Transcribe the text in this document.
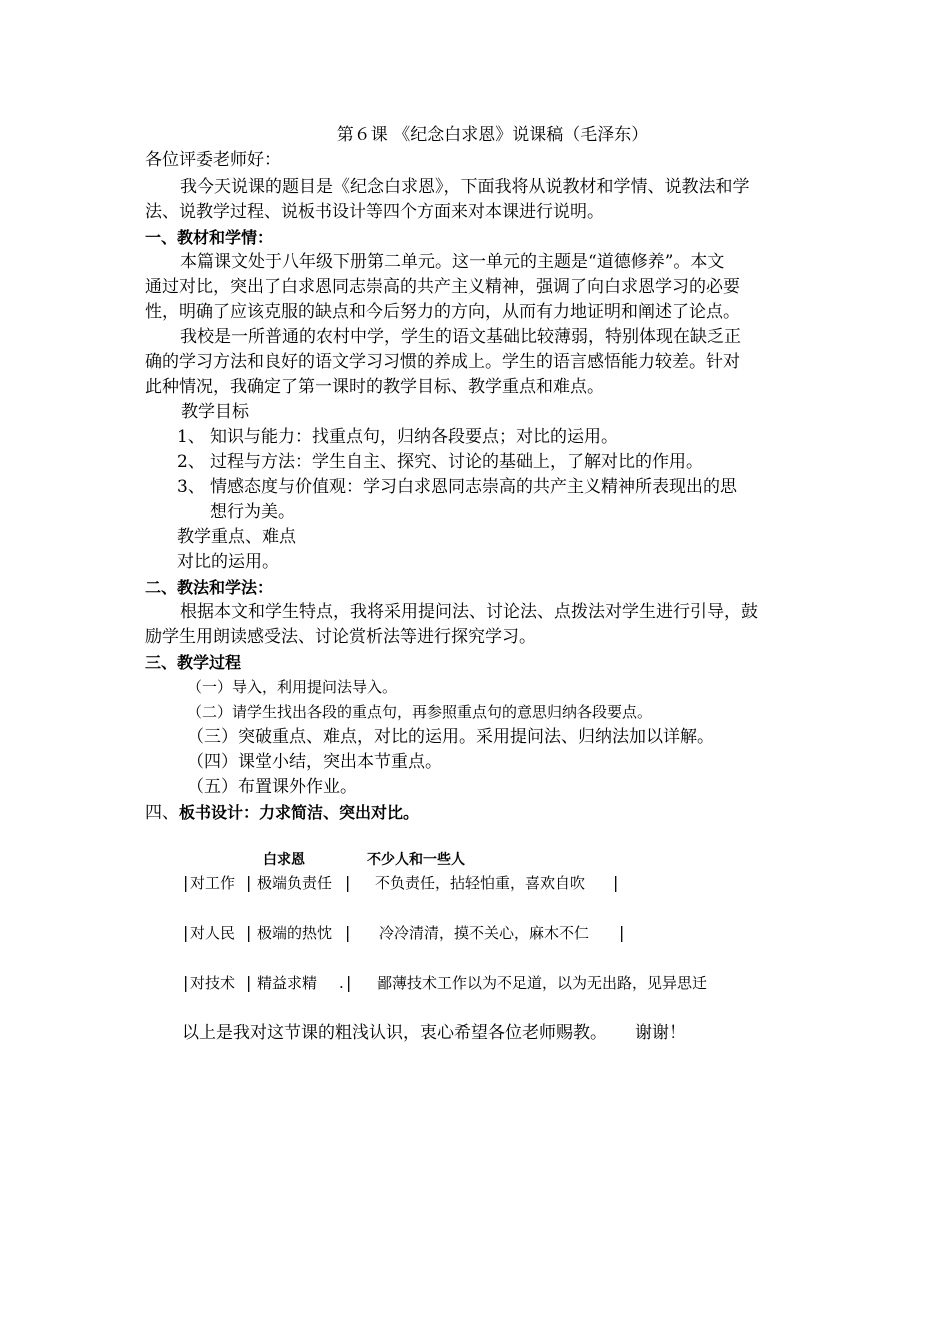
第６课 《纪念白求恩》说课稿（毛泽东）
各位评委老师好：
我今天说课的题目是《纪念白求恩》，下面我将从说教材和学情、说教法和学
法、说教学过程、说板书设计等四个方面来对本课进行说明。
一、教材和学情：
本篇课文处于八年级下册第二单元。这一单元的主题是“道德修养”。本文
通过对比，突出了白求恩同志崇高的共产主义精神，强调了向白求恩学习的必要
性，明确了应该克服的缺点和今后努力的方向，从而有力地证明和阐述了论点。
我校是一所普通的农村中学，学生的语文基础比较薄弱，特别体现在缺乏正
确的学习方法和良好的语文学习习惯的养成上。学生的语言感悟能力较差。针对
此种情况，我确定了第一课时的教学目标、教学重点和难点。
教学目标
1、 知识与能力：找重点句，归纳各段要点；对比的运用。
2、 过程与方法：学生自主、探究、讨论的基础上，了解对比的作用。
3、 情感态度与价值观：学习白求恩同志崇高的共产主义精神所表现出的思
想行为美。
教学重点、难点
对比的运用。
二、教法和学法：
根据本文和学生特点，我将采用提问法、讨论法、点拨法对学生进行引导，鼓
励学生用朗读感受法、讨论赏析法等进行探究学习。
三、教学过程
（一）导入，利用提问法导入。
（二）请学生找出各段的重点句，再参照重点句的意思归纳各段要点。
（三）突破重点、难点，对比的运用。采用提问法、归纳法加以详解。
（四）课堂小结，突出本节重点。
（五）布置课外作业。
四、板书设计：力求简洁、突出对比。
白求恩	不少人和一些人
| 对工作 | 极端负责任 | 不负责任，拈轻怕重，喜欢自吹 |
| 对人民 | 极端的热忱 | 冷冷清清，摸不关心，麻木不仁 |
| 对技术 | 精益求精 . | 鄙薄技术工作以为不足道，以为无出路，见异思迁
以上是我对这节课的粗浅认识，衷心希望各位老师赐教。 谢谢！
